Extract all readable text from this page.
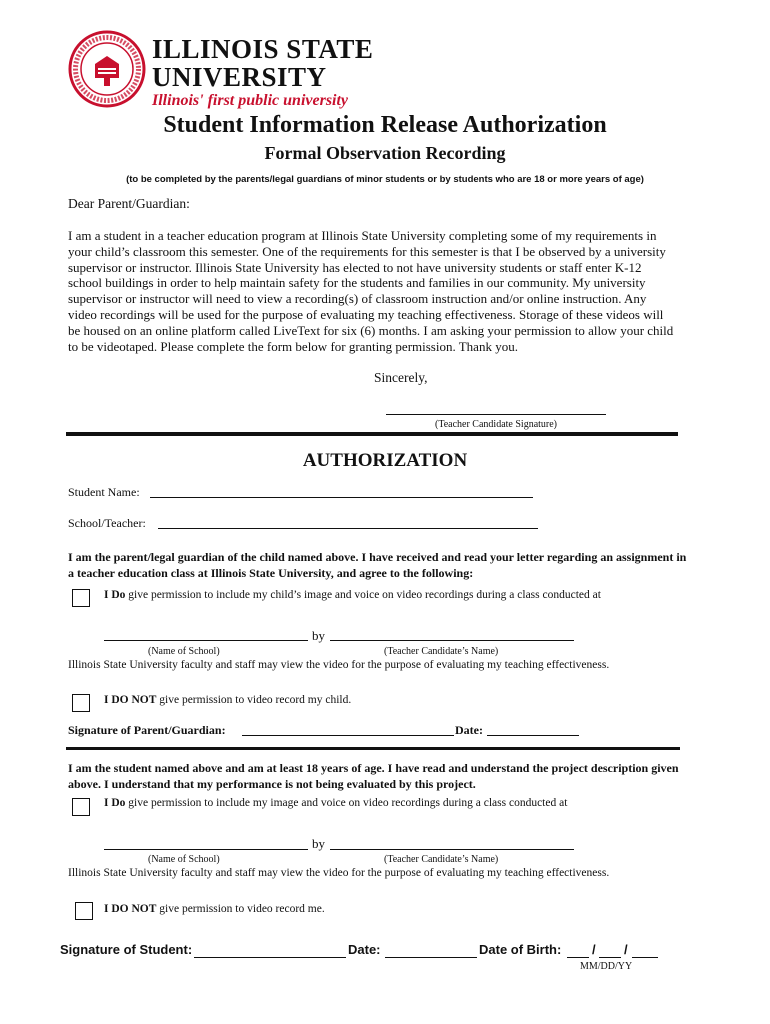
ILLINOIS STATE
UNIVERSITY
Illinois' first public university
Student Information Release Authorization
Formal Observation Recording
(to be completed by the parents/legal guardians of minor students or by students who are 18 or more years of age)
Dear Parent/Guardian:

I am a student in a teacher education program at Illinois State University completing some of my requirements in your child’s classroom this semester. One of the requirements for this semester is that I be observed by a university supervisor or instructor. Illinois State University has elected to not have university students or staff enter K-12 school buildings in order to help maintain safety for the students and families in our community. My university supervisor or instructor will need to view a recording(s) of classroom instruction and/or online instruction. Any video recordings will be used for the purpose of evaluating my teaching effectiveness. Storage of these videos will be housed on an online platform called LiveText for six (6) months. I am asking your permission to allow your child to be videotaped. Please complete the form below for granting permission. Thank you.

Sincerely,
(Teacher Candidate Signature)
AUTHORIZATION
Student Name:
School/Teacher:
I am the parent/legal guardian of the child named above. I have received and read your letter regarding an assignment in a teacher education class at Illinois State University, and agree to the following:
I Do give permission to include my child’s image and voice on video recordings during a class conducted at
by
(Name of School)	(Teacher Candidate’s Name)
Illinois State University faculty and staff may view the video for the purpose of evaluating my teaching effectiveness.
I DO NOT give permission to video record my child.
Signature of Parent/Guardian:	Date:
I am the student named above and am at least 18 years of age. I have read and understand the project description given above. I understand that my performance is not being evaluated by this project.
I Do give permission to include my image and voice on video recordings during a class conducted at
by
(Name of School)	(Teacher Candidate’s Name)
Illinois State University faculty and staff may view the video for the purpose of evaluating my teaching effectiveness.
I DO NOT give permission to video record me.
Signature of Student:	Date:	Date of Birth: / /
MM/DD/YY
